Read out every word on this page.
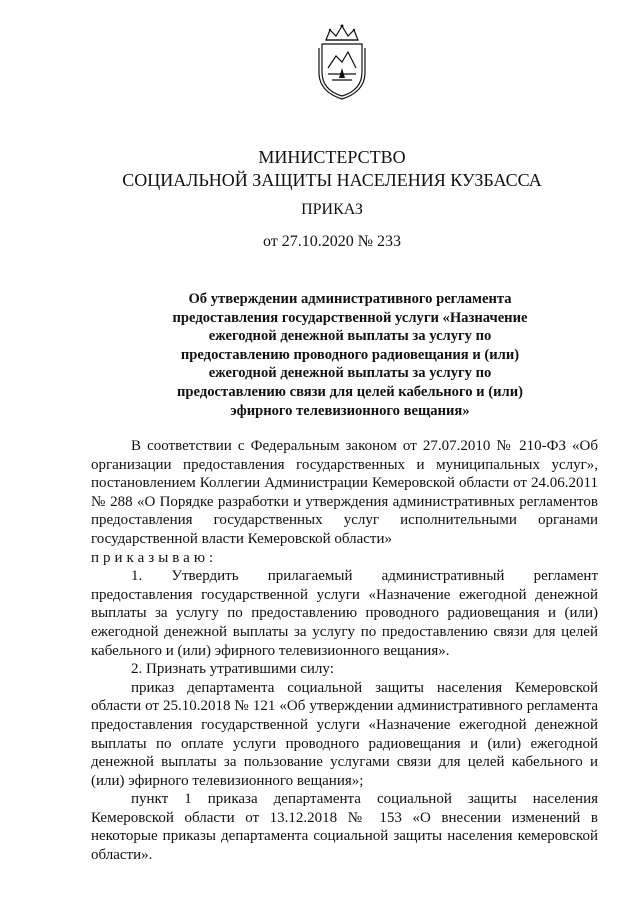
МИНИСТЕРСТВО
СОЦИАЛЬНОЙ ЗАЩИТЫ НАСЕЛЕНИЯ КУЗБАССА
ПРИКАЗ
от 27.10.2020 № 233
Об утверждении административного регламента
предоставления государственной услуги «Назначение
ежегодной денежной выплаты за услугу по
предоставлению проводного радиовещания и (или)
ежегодной денежной выплаты за услугу по
предоставлению связи для целей кабельного и (или)
эфирного телевизионного вещания»

В соответствии с Федеральным законом от 27.07.2010 № 210-ФЗ «Об организации предоставления государственных и муниципальных услуг», постановлением Коллегии Администрации Кемеровской области от 24.06.2011 № 288 «О Порядке разработки и утверждения административных регламентов предоставления государственных услуг исполнительными органами государственной власти Кемеровской области»

приказываю:

1. Утвердить прилагаемый административный регламент предоставления государственной услуги «Назначение ежегодной денежной выплаты за услугу по предоставлению проводного радиовещания и (или) ежегодной денежной выплаты за услугу по предоставлению связи для целей кабельного и (или) эфирного телевизионного вещания».

2. Признать утратившими силу:

приказ департамента социальной защиты населения Кемеровской области от 25.10.2018 № 121 «Об утверждении административного регламента предоставления государственной услуги «Назначение ежегодной денежной выплаты по оплате услуги проводного радиовещания и (или) ежегодной денежной выплаты за пользование услугами связи для целей кабельного и (или) эфирного телевизионного вещания»;

пункт 1 приказа департамента социальной защиты населения Кемеровской области от 13.12.2018 № 153 «О внесении изменений в некоторые приказы департамента социальной защиты населения кемеровской области».
